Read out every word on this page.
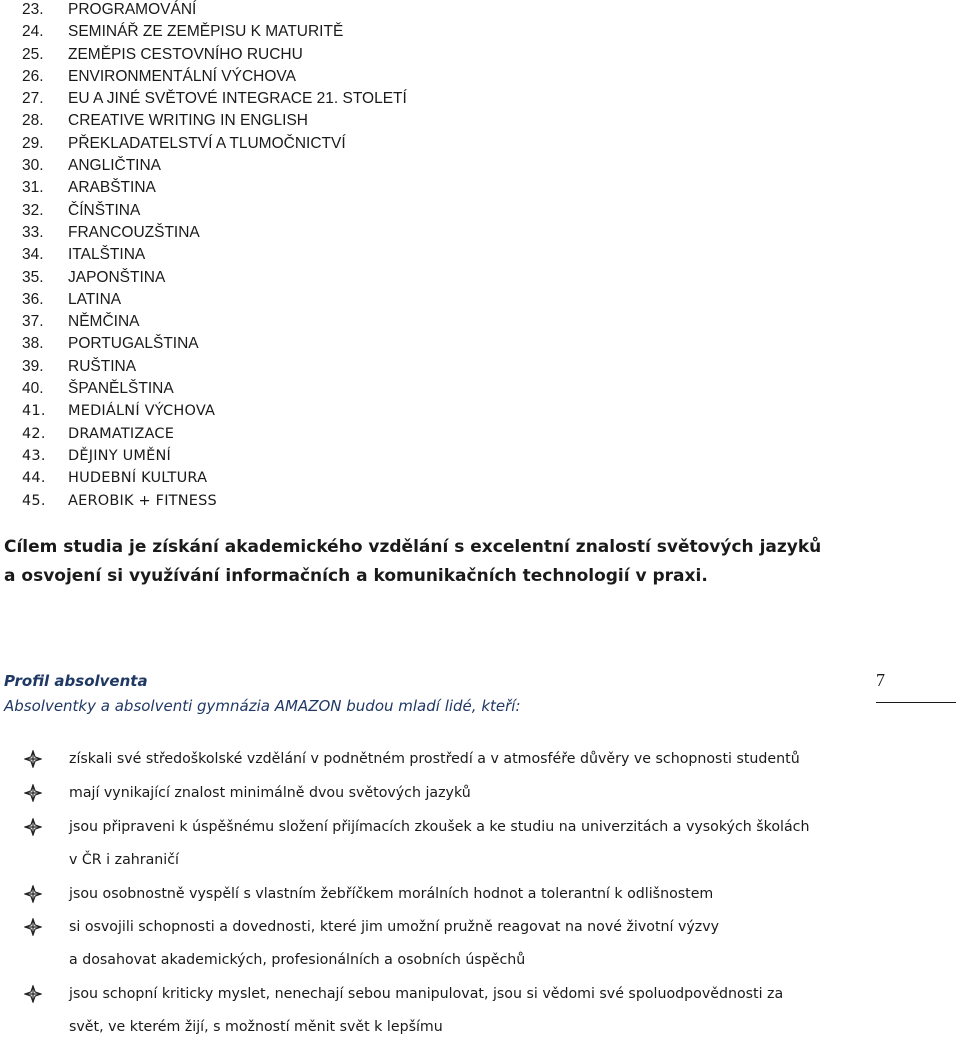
23. PROGRAMOVÁNÍ
24. SEMINÁŘ ZE ZEMĚPISU K MATURITĚ
25. ZEMĚPIS CESTOVNÍHO RUCHU
26. ENVIRONMENTÁLNÍ VÝCHOVA
27. EU A JINÉ SVĚTOVÉ INTEGRACE 21. STOLETÍ
28. CREATIVE WRITING IN ENGLISH
29. PŘEKLADATELSTVÍ A TLUMOČNICTVÍ
30. ANGLIČTINA
31. ARABŠTINA
32. ČÍNŠTINA
33. FRANCOUZŠTINA
34. ITALŠTINA
35. JAPONŠTINA
36. LATINA
37. NĚMČINA
38. PORTUGALŠTINA
39. RUŠTINA
40. ŠPANĚLŠTINA
41. MEDIÁLNÍ VÝCHOVA
42. DRAMATIZACE
43. DĚJINY UMĚNÍ
44. HUDEBNÍ KULTURA
45. AEROBIK + FITNESS

Cílem studia je získání akademického vzdělání s excelentní znalostí světových jazyků
a osvojení si využívání informačních a komunikačních technologií v praxi.

Profil absolventa

Absolventky a absolventi gymnázia AMAZON budou mladí lidé, kteří:

7
získali své středoškolské vzdělání v podnětném prostředí a v atmosféře důvěry ve schopnosti studentů
mají vynikající znalost minimálně dvou světových jazyků
jsou připraveni k úspěšnému složení přijímacích zkoušek a ke studiu na univerzitách a vysokých školách
v ČR i zahraničí
jsou osobnostně vyspělí s vlastním žebříčkem morálních hodnot a tolerantní k odlišnostem
si osvojili schopnosti a dovednosti, které jim umožní pružně reagovat na nové životní výzvy
a dosahovat akademických, profesionálních a osobních úspěchů
jsou schopní kriticky myslet, nenechají sebou manipulovat, jsou si vědomi své spoluodpovědnosti za
svět, ve kterém žijí, s možností měnit svět k lepšímu
